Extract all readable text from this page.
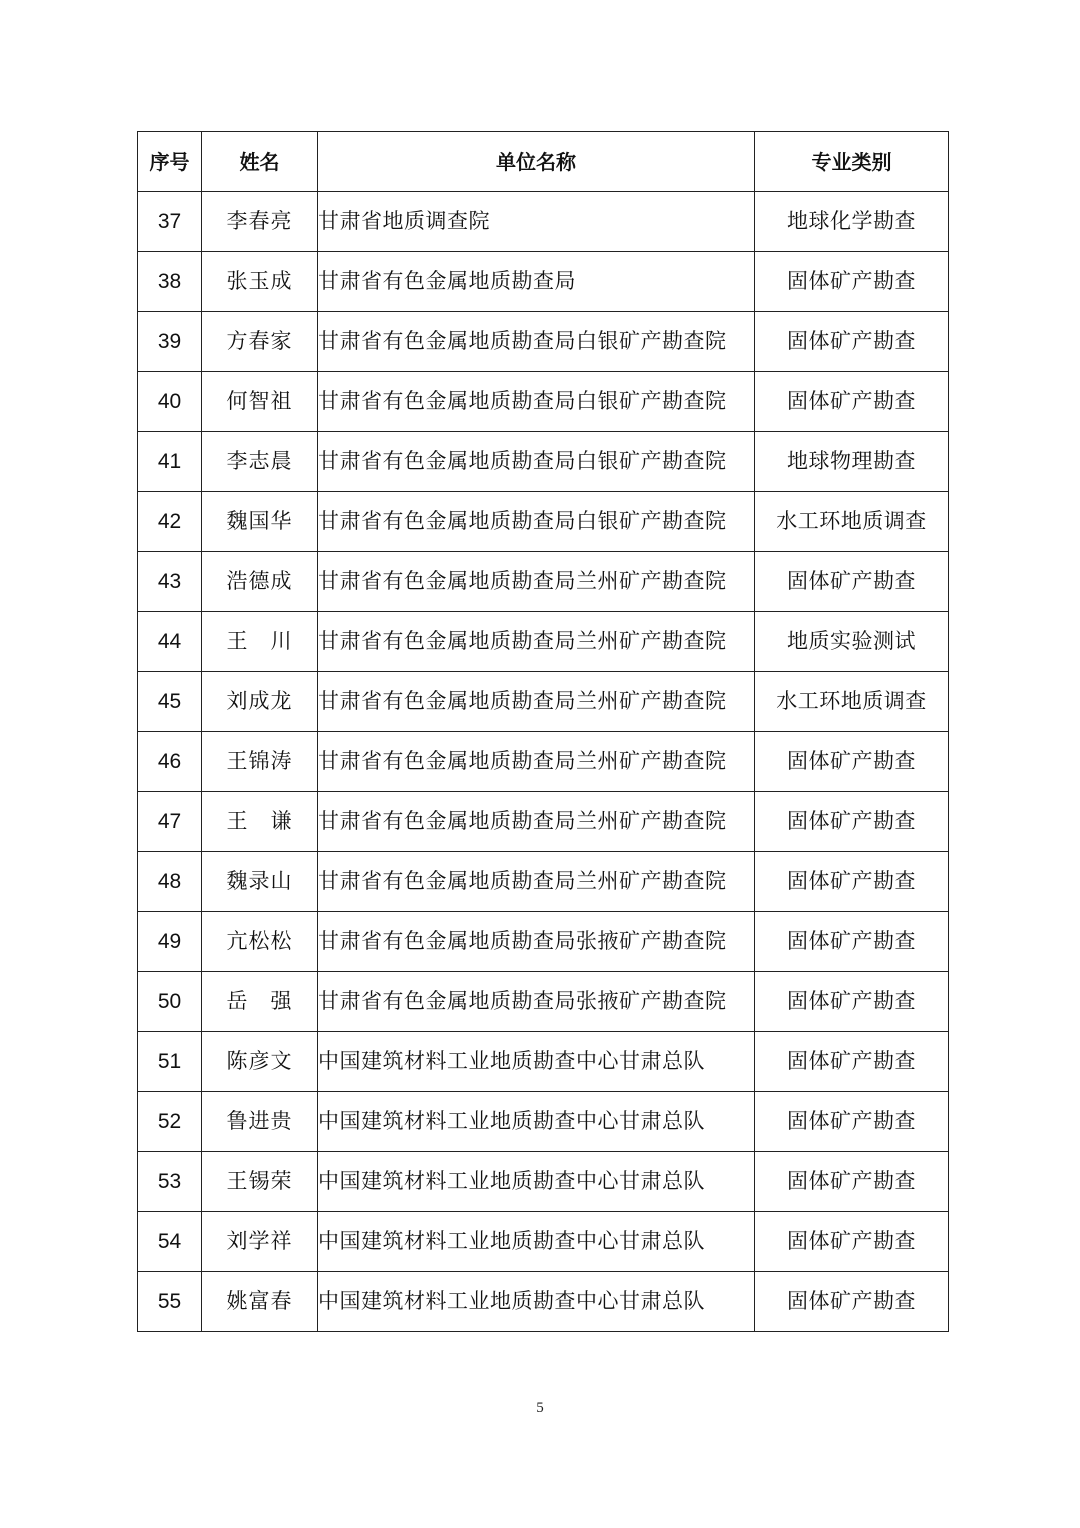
序号	姓名	单位名称	专业类别
37	李春亮	甘肃省地质调查院	地球化学勘查
38	张玉成	甘肃省有色金属地质勘查局	固体矿产勘查
39	方春家	甘肃省有色金属地质勘查局白银矿产勘查院	固体矿产勘查
40	何智祖	甘肃省有色金属地质勘查局白银矿产勘查院	固体矿产勘查
41	李志晨	甘肃省有色金属地质勘查局白银矿产勘查院	地球物理勘查
42	魏国华	甘肃省有色金属地质勘查局白银矿产勘查院	水工环地质调查
43	浩德成	甘肃省有色金属地质勘查局兰州矿产勘查院	固体矿产勘查
44	王　川	甘肃省有色金属地质勘查局兰州矿产勘查院	地质实验测试
45	刘成龙	甘肃省有色金属地质勘查局兰州矿产勘查院	水工环地质调查
46	王锦涛	甘肃省有色金属地质勘查局兰州矿产勘查院	固体矿产勘查
47	王　谦	甘肃省有色金属地质勘查局兰州矿产勘查院	固体矿产勘查
48	魏录山	甘肃省有色金属地质勘查局兰州矿产勘查院	固体矿产勘查
49	亢松松	甘肃省有色金属地质勘查局张掖矿产勘查院	固体矿产勘查
50	岳　强	甘肃省有色金属地质勘查局张掖矿产勘查院	固体矿产勘查
51	陈彦文	中国建筑材料工业地质勘查中心甘肃总队	固体矿产勘查
52	鲁进贵	中国建筑材料工业地质勘查中心甘肃总队	固体矿产勘查
53	王锡荣	中国建筑材料工业地质勘查中心甘肃总队	固体矿产勘查
54	刘学祥	中国建筑材料工业地质勘查中心甘肃总队	固体矿产勘查
55	姚富春	中国建筑材料工业地质勘查中心甘肃总队	固体矿产勘查
5
